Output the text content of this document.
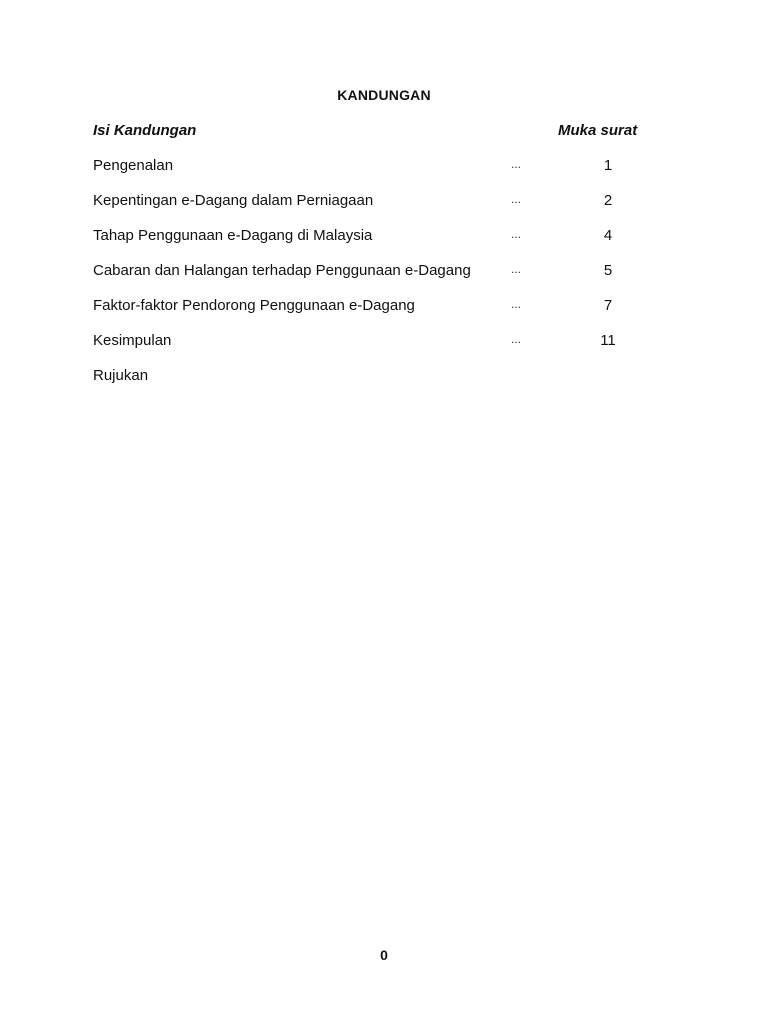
KANDUNGAN
Isi Kandungan	Muka surat
Pengenalan	...	1
Kepentingan e-Dagang dalam Perniagaan	...	2
Tahap Penggunaan e-Dagang di Malaysia	...	4
Cabaran dan Halangan terhadap Penggunaan e-Dagang	...	5
Faktor-faktor Pendorong Penggunaan e-Dagang	...	7
Kesimpulan	...	11
Rujukan
0
